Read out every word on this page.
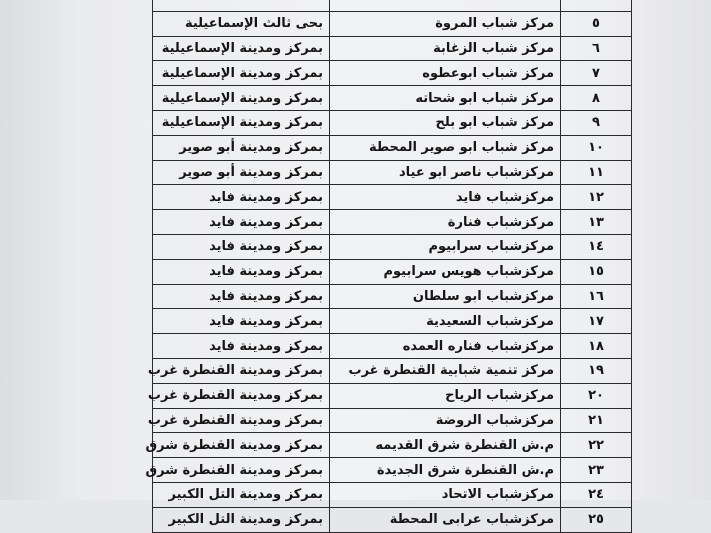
٥	مركز شباب المروة	بحى ثالث الإسماعيلية
٦	مركز شباب الزغابة	بمركز ومدينة الإسماعيلية
٧	مركز شباب ابوعطوه	بمركز ومدينة الإسماعيلية
٨	مركز شباب ابو شحاته	بمركز ومدينة الإسماعيلية
٩	مركز شباب ابو بلح	بمركز ومدينة الإسماعيلية
١٠	مركز شباب ابو صوير المحطة	بمركز ومدينة أبو صوير
١١	مركزشباب ناصر ابو عياد	بمركز ومدينة أبو صوير
١٢	مركزشباب فايد	بمركز ومدينة فايد
١٣	مركزشباب فنارة	بمركز ومدينة فايد
١٤	مركزشباب سرابيوم	بمركز ومدينة فايد
١٥	مركزشباب هويس سرابيوم	بمركز ومدينة فايد
١٦	مركزشباب ابو سلطان	بمركز ومدينة فايد
١٧	مركزشباب السعيدية	بمركز ومدينة فايد
١٨	مركزشباب فناره العمده	بمركز ومدينة فايد
١٩	مركز تنمية شبابية القنطرة غرب	بمركز ومدينة القنطرة غرب
٢٠	مركزشباب الرياح	بمركز ومدينة القنطرة غرب
٢١	مركزشباب الروضة	بمركز ومدينة القنطرة غرب
٢٢	م.ش القنطرة شرق القديمه	بمركز ومدينة القنطرة شرق
٢٣	م.ش القنطرة شرق الجديدة	بمركز ومدينة القنطرة شرق
٢٤	مركزشباب الاتحاد	بمركز ومدينة التل الكبير
٢٥	مركزشباب عرابى المحطة	بمركز ومدينة التل الكبير
